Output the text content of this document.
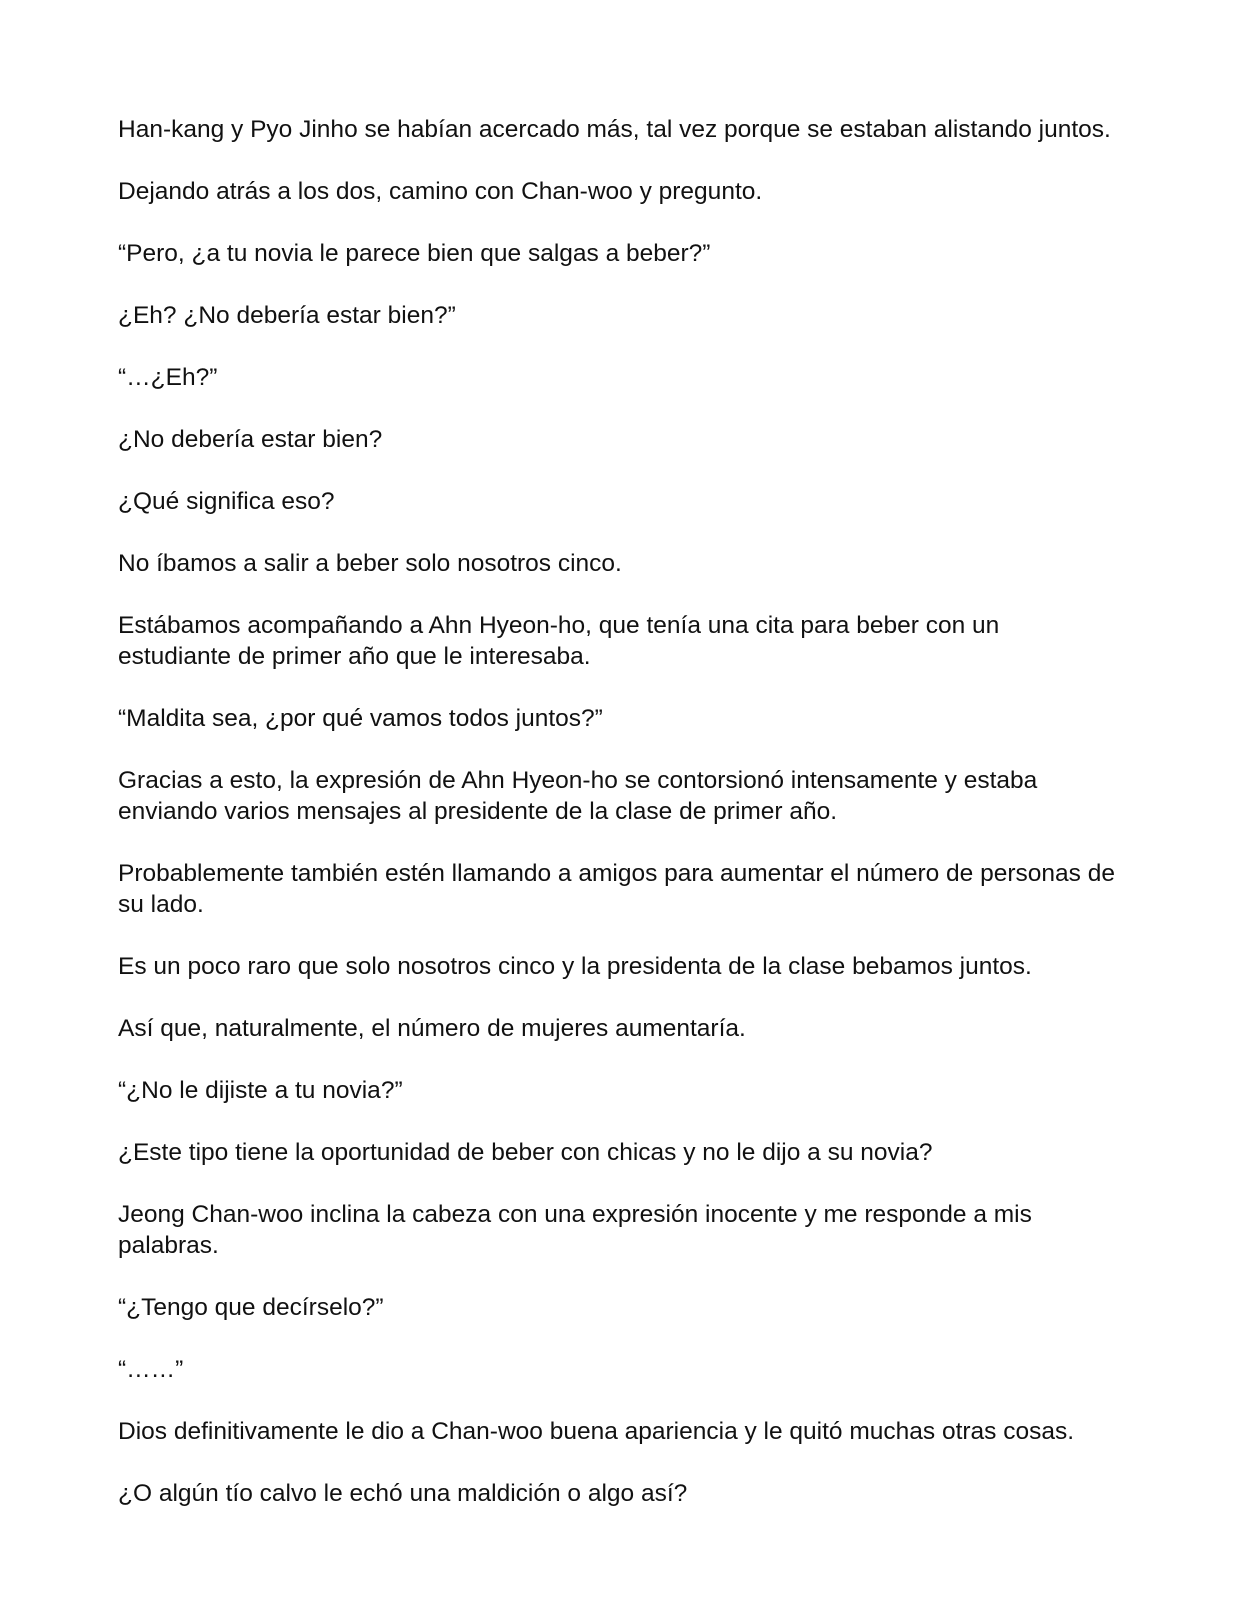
Han-kang y Pyo Jinho se habían acercado más, tal vez porque se estaban alistando juntos.

Dejando atrás a los dos, camino con Chan-woo y pregunto.

“Pero, ¿a tu novia le parece bien que salgas a beber?”

¿Eh? ¿No debería estar bien?”

“…¿Eh?”

¿No debería estar bien?

¿Qué significa eso?

No íbamos a salir a beber solo nosotros cinco.

Estábamos acompañando a Ahn Hyeon-ho, que tenía una cita para beber con un estudiante de primer año que le interesaba.

“Maldita sea, ¿por qué vamos todos juntos?”

Gracias a esto, la expresión de Ahn Hyeon-ho se contorsionó intensamente y estaba enviando varios mensajes al presidente de la clase de primer año.

Probablemente también estén llamando a amigos para aumentar el número de personas de su lado.

Es un poco raro que solo nosotros cinco y la presidenta de la clase bebamos juntos.

Así que, naturalmente, el número de mujeres aumentaría.

“¿No le dijiste a tu novia?”

¿Este tipo tiene la oportunidad de beber con chicas y no le dijo a su novia?

Jeong Chan-woo inclina la cabeza con una expresión inocente y me responde a mis palabras.

“¿Tengo que decírselo?”

“……”

Dios definitivamente le dio a Chan-woo buena apariencia y le quitó muchas otras cosas.

¿O algún tío calvo le echó una maldición o algo así?
